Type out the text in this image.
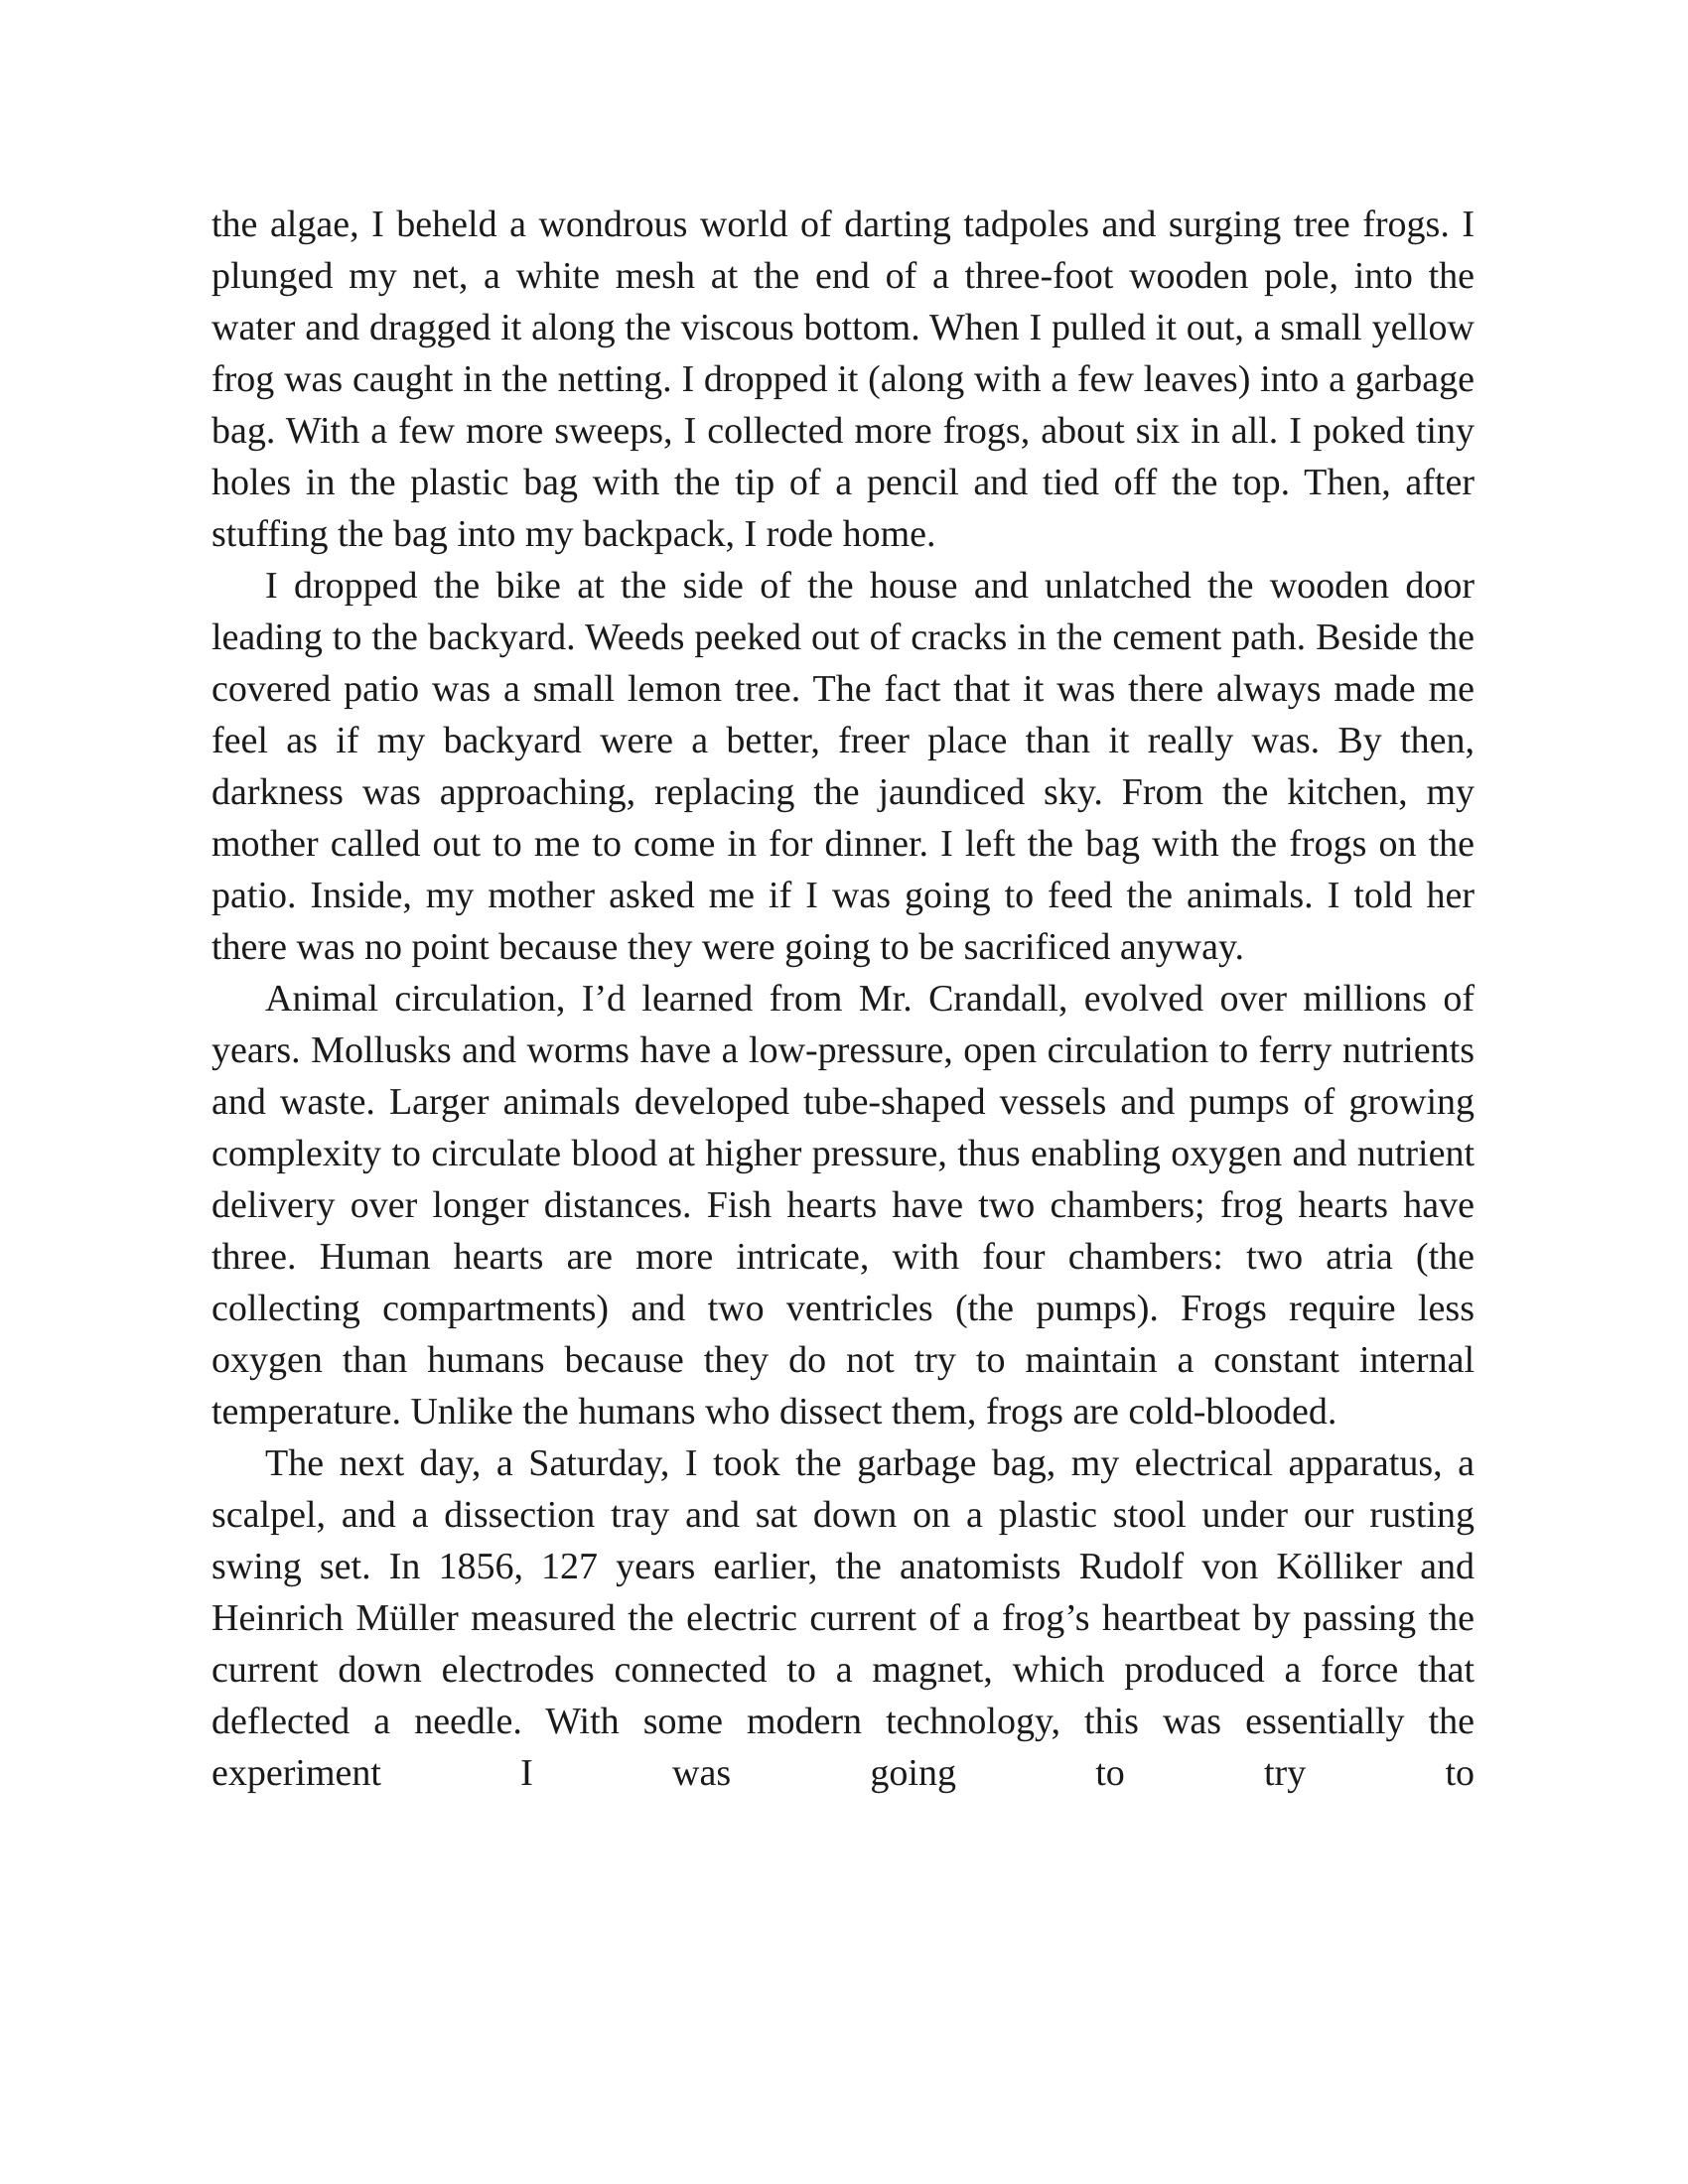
the algae, I beheld a wondrous world of darting tadpoles and surging tree frogs. I plunged my net, a white mesh at the end of a three-foot wooden pole, into the water and dragged it along the viscous bottom. When I pulled it out, a small yellow frog was caught in the netting. I dropped it (along with a few leaves) into a garbage bag. With a few more sweeps, I collected more frogs, about six in all. I poked tiny holes in the plastic bag with the tip of a pencil and tied off the top. Then, after stuffing the bag into my backpack, I rode home.

I dropped the bike at the side of the house and unlatched the wooden door leading to the backyard. Weeds peeked out of cracks in the cement path. Beside the covered patio was a small lemon tree. The fact that it was there always made me feel as if my backyard were a better, freer place than it really was. By then, darkness was approaching, replacing the jaundiced sky. From the kitchen, my mother called out to me to come in for dinner. I left the bag with the frogs on the patio. Inside, my mother asked me if I was going to feed the animals. I told her there was no point because they were going to be sacrificed anyway.

Animal circulation, I’d learned from Mr. Crandall, evolved over millions of years. Mollusks and worms have a low-pressure, open circulation to ferry nutrients and waste. Larger animals developed tube-shaped vessels and pumps of growing complexity to circulate blood at higher pressure, thus enabling oxygen and nutrient delivery over longer distances. Fish hearts have two chambers; frog hearts have three. Human hearts are more intricate, with four chambers: two atria (the collecting compartments) and two ventricles (the pumps). Frogs require less oxygen than humans because they do not try to maintain a constant internal temperature. Unlike the humans who dissect them, frogs are cold-blooded.

The next day, a Saturday, I took the garbage bag, my electrical apparatus, a scalpel, and a dissection tray and sat down on a plastic stool under our rusting swing set. In 1856, 127 years earlier, the anatomists Rudolf von Kölliker and Heinrich Müller measured the electric current of a frog’s heartbeat by passing the current down electrodes connected to a magnet, which produced a force that deflected a needle. With some modern technology, this was essentially the experiment I was going to try to
